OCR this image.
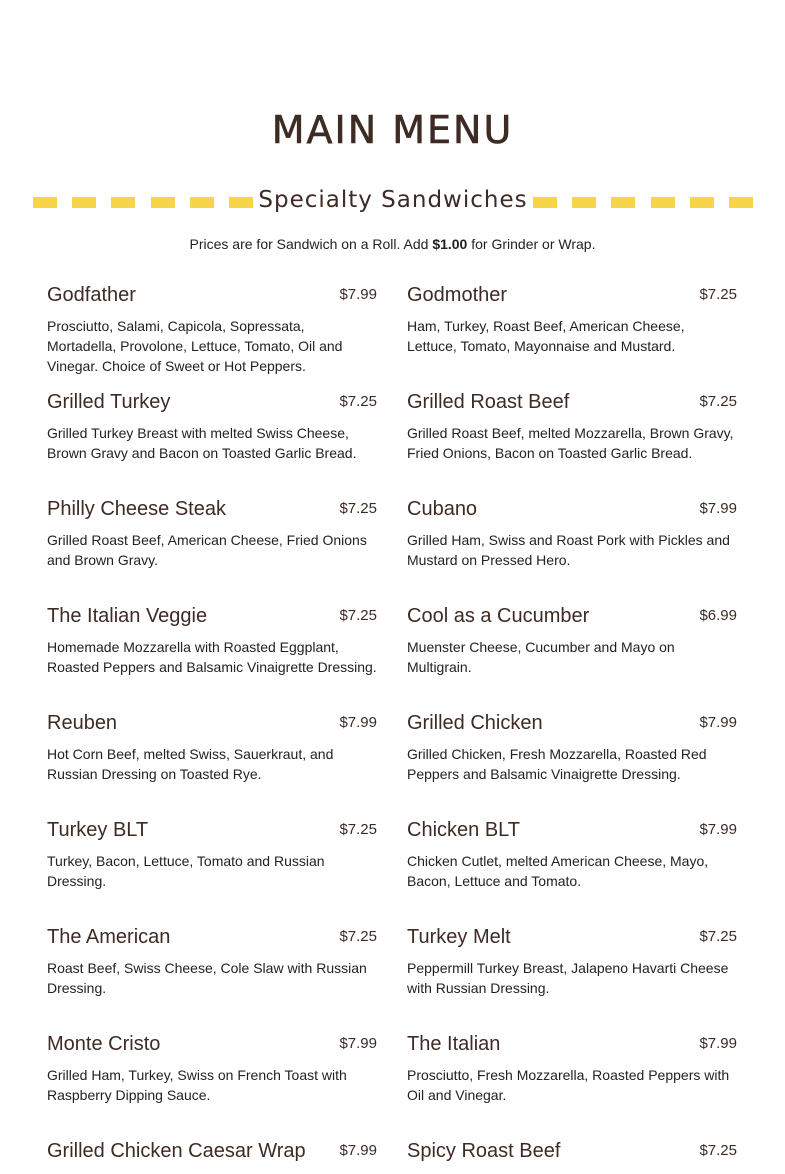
MAIN MENU
Specialty Sandwiches
Prices are for Sandwich on a Roll. Add $1.00 for Grinder or Wrap.
Godfather	$7.99
Prosciutto, Salami, Capicola, Sopressata, Mortadella, Provolone, Lettuce, Tomato, Oil and Vinegar. Choice of Sweet or Hot Peppers.
Grilled Turkey	$7.25
Grilled Turkey Breast with melted Swiss Cheese, Brown Gravy and Bacon on Toasted Garlic Bread.
Philly Cheese Steak	$7.25
Grilled Roast Beef, American Cheese, Fried Onions and Brown Gravy.
The Italian Veggie	$7.25
Homemade Mozzarella with Roasted Eggplant, Roasted Peppers and Balsamic Vinaigrette Dressing.
Reuben	$7.99
Hot Corn Beef, melted Swiss, Sauerkraut, and Russian Dressing on Toasted Rye.
Turkey BLT	$7.25
Turkey, Bacon, Lettuce, Tomato and Russian Dressing.
The American	$7.25
Roast Beef, Swiss Cheese, Cole Slaw with Russian Dressing.
Monte Cristo	$7.99
Grilled Ham, Turkey, Swiss on French Toast with Raspberry Dipping Sauce.
Grilled Chicken Caesar Wrap $7.99
Godmother	$7.25
Ham, Turkey, Roast Beef, American Cheese, Lettuce, Tomato, Mayonnaise and Mustard.
Grilled Roast Beef	$7.25
Grilled Roast Beef, melted Mozzarella, Brown Gravy, Fried Onions, Bacon on Toasted Garlic Bread.
Cubano	$7.99
Grilled Ham, Swiss and Roast Pork with Pickles and Mustard on Pressed Hero.
Cool as a Cucumber	$6.99
Muenster Cheese, Cucumber and Mayo on Multigrain.
Grilled Chicken	$7.99
Grilled Chicken, Fresh Mozzarella, Roasted Red Peppers and Balsamic Vinaigrette Dressing.
Chicken BLT	$7.99
Chicken Cutlet, melted American Cheese, Mayo, Bacon, Lettuce and Tomato.
Turkey Melt	$7.25
Peppermill Turkey Breast, Jalapeno Havarti Cheese with Russian Dressing.
The Italian	$7.99
Prosciutto, Fresh Mozzarella, Roasted Peppers with Oil and Vinegar.
Spicy Roast Beef	$7.25
